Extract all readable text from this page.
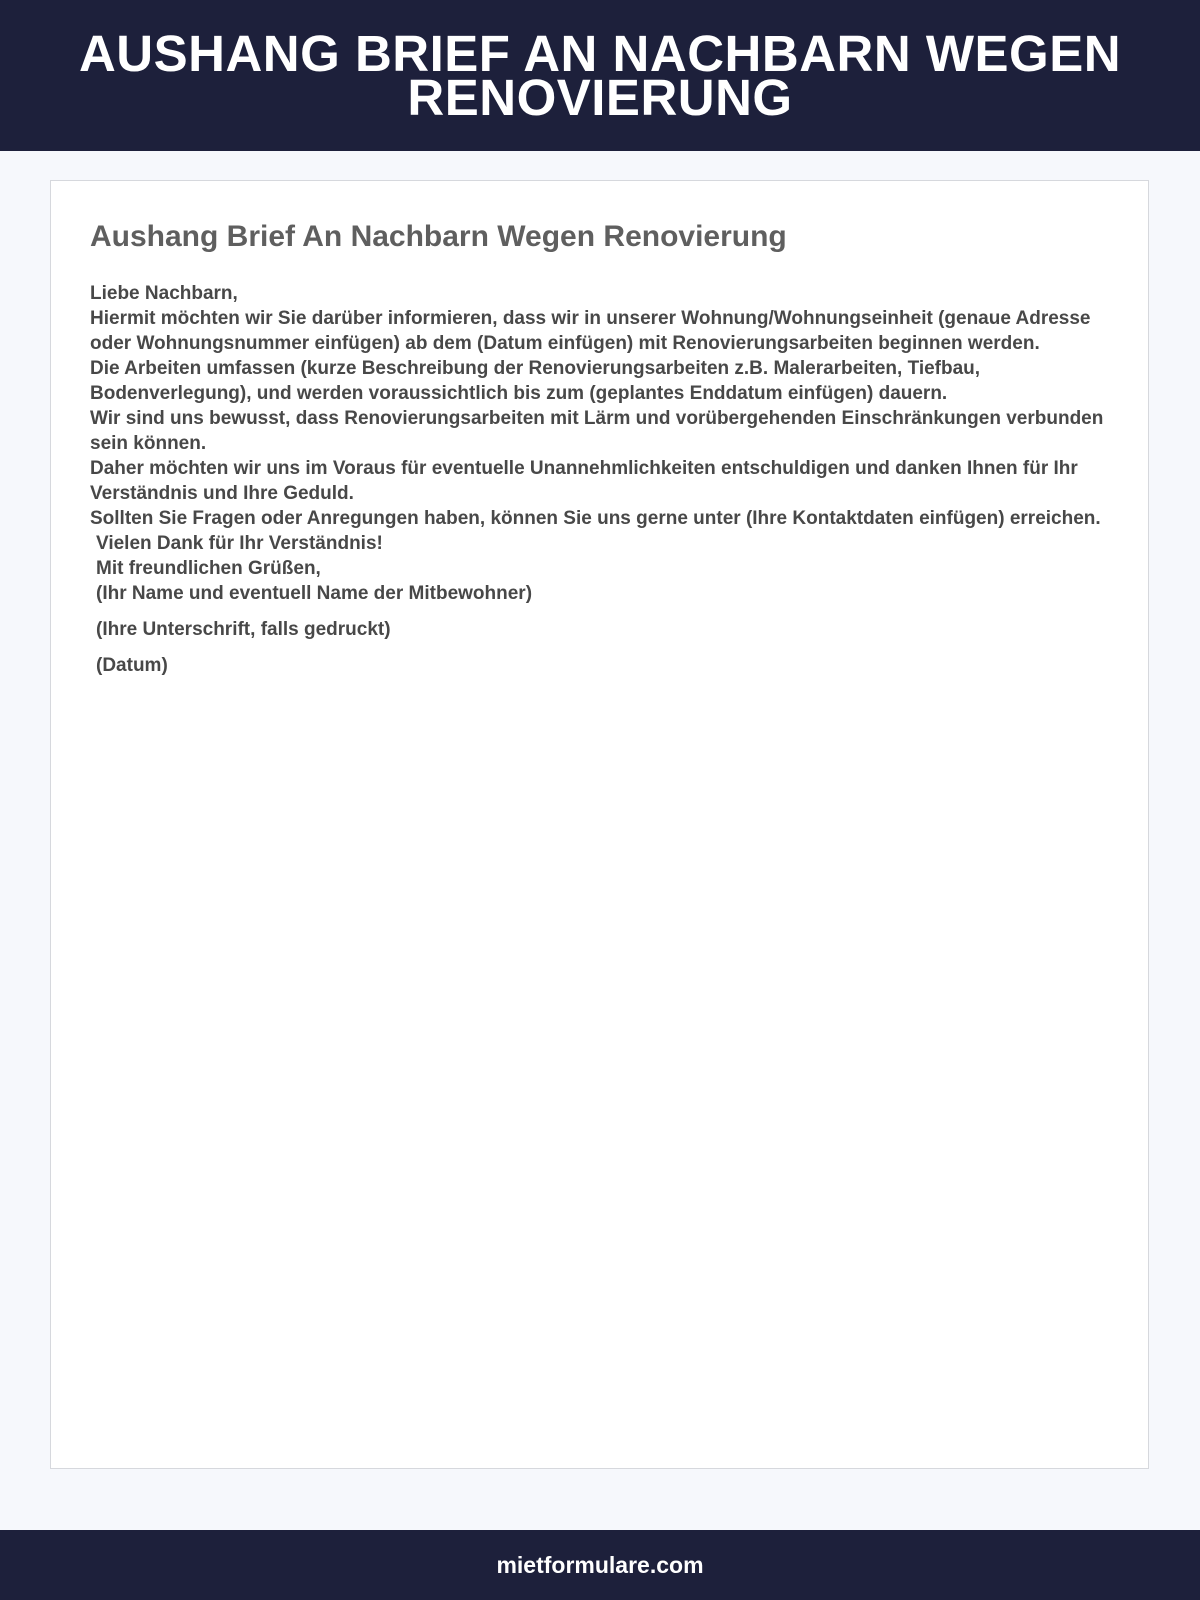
AUSHANG BRIEF AN NACHBARN WEGEN RENOVIERUNG
Aushang Brief An Nachbarn Wegen Renovierung
Liebe Nachbarn,
Hiermit möchten wir Sie darüber informieren, dass wir in unserer Wohnung/Wohnungseinheit (genaue Adresse oder Wohnungsnummer einfügen) ab dem (Datum einfügen) mit Renovierungsarbeiten beginnen werden.
Die Arbeiten umfassen (kurze Beschreibung der Renovierungsarbeiten z.B. Malerarbeiten, Tiefbau, Bodenverlegung), und werden voraussichtlich bis zum (geplantes Enddatum einfügen) dauern.
Wir sind uns bewusst, dass Renovierungsarbeiten mit Lärm und vorübergehenden Einschränkungen verbunden sein können.
Daher möchten wir uns im Voraus für eventuelle Unannehmlichkeiten entschuldigen und danken Ihnen für Ihr Verständnis und Ihre Geduld.
Sollten Sie Fragen oder Anregungen haben, können Sie uns gerne unter (Ihre Kontaktdaten einfügen) erreichen.
Vielen Dank für Ihr Verständnis!
Mit freundlichen Grüßen,
(Ihr Name und eventuell Name der Mitbewohner)
(Ihre Unterschrift, falls gedruckt)
(Datum)
mietformulare.com
